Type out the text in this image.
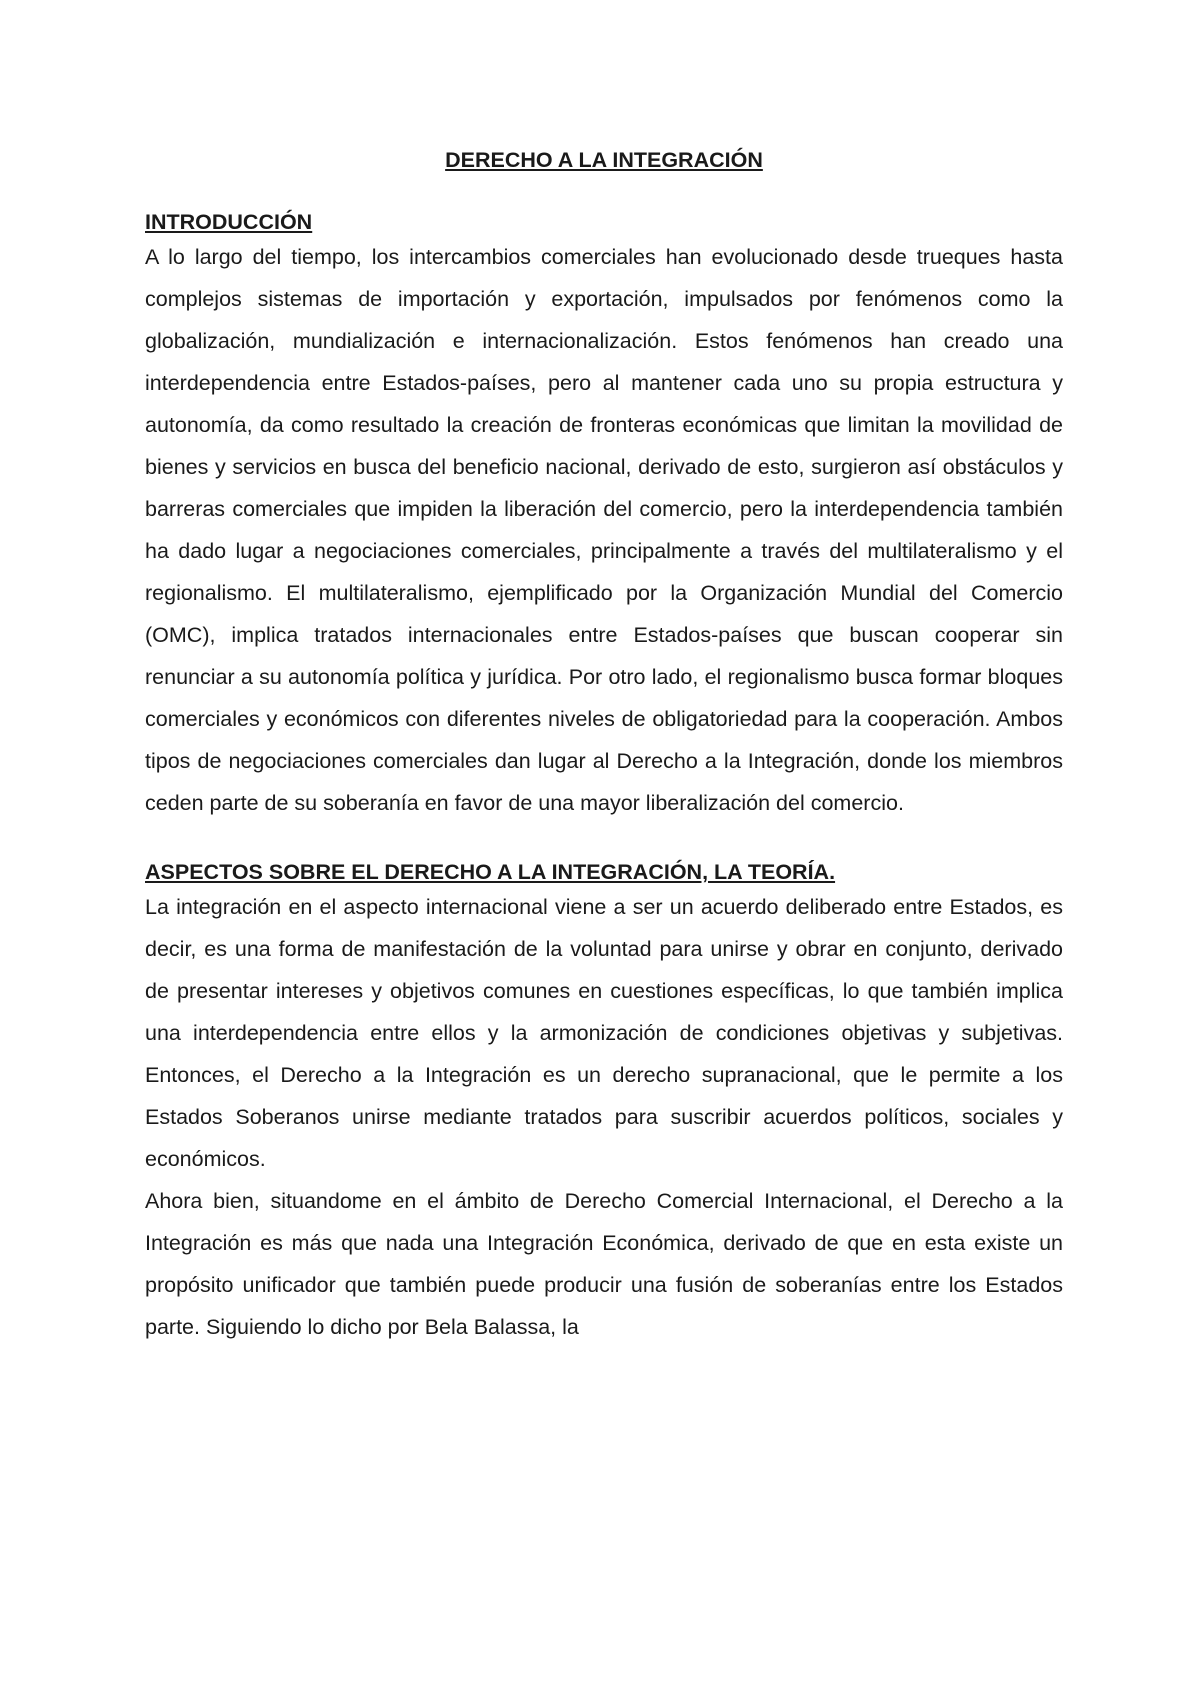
DERECHO A LA INTEGRACIÓN
INTRODUCCIÓN

A lo largo del tiempo, los intercambios comerciales han evolucionado desde trueques hasta complejos sistemas de importación y exportación, impulsados por fenómenos como la globalización, mundialización e internacionalización. Estos fenómenos han creado una interdependencia entre Estados-países, pero al mantener cada uno su propia estructura y autonomía, da como resultado la creación de fronteras económicas que limitan la movilidad de bienes y servicios en busca del beneficio nacional, derivado de esto, surgieron así obstáculos y barreras comerciales que impiden la liberación del comercio, pero la interdependencia también ha dado lugar a negociaciones comerciales, principalmente a través del multilateralismo y el regionalismo. El multilateralismo, ejemplificado por la Organización Mundial del Comercio (OMC), implica tratados internacionales entre Estados-países que buscan cooperar sin renunciar a su autonomía política y jurídica. Por otro lado, el regionalismo busca formar bloques comerciales y económicos con diferentes niveles de obligatoriedad para la cooperación. Ambos tipos de negociaciones comerciales dan lugar al Derecho a la Integración, donde los miembros ceden parte de su soberanía en favor de una mayor liberalización del comercio.

ASPECTOS SOBRE EL DERECHO A LA INTEGRACIÓN, LA TEORÍA.

La integración en el aspecto internacional viene a ser un acuerdo deliberado entre Estados, es decir, es una forma de manifestación de la voluntad para unirse y obrar en conjunto, derivado de presentar intereses y objetivos comunes en cuestiones específicas, lo que también implica una interdependencia entre ellos y la armonización de condiciones objetivas y subjetivas. Entonces, el Derecho a la Integración es un derecho supranacional, que le permite a los Estados Soberanos unirse mediante tratados para suscribir acuerdos políticos, sociales y económicos.

Ahora bien, situandome en el ámbito de Derecho Comercial Internacional, el Derecho a la Integración es más que nada una Integración Económica, derivado de que en esta existe un propósito unificador que también puede producir una fusión de soberanías entre los Estados parte. Siguiendo lo dicho por Bela Balassa, la
